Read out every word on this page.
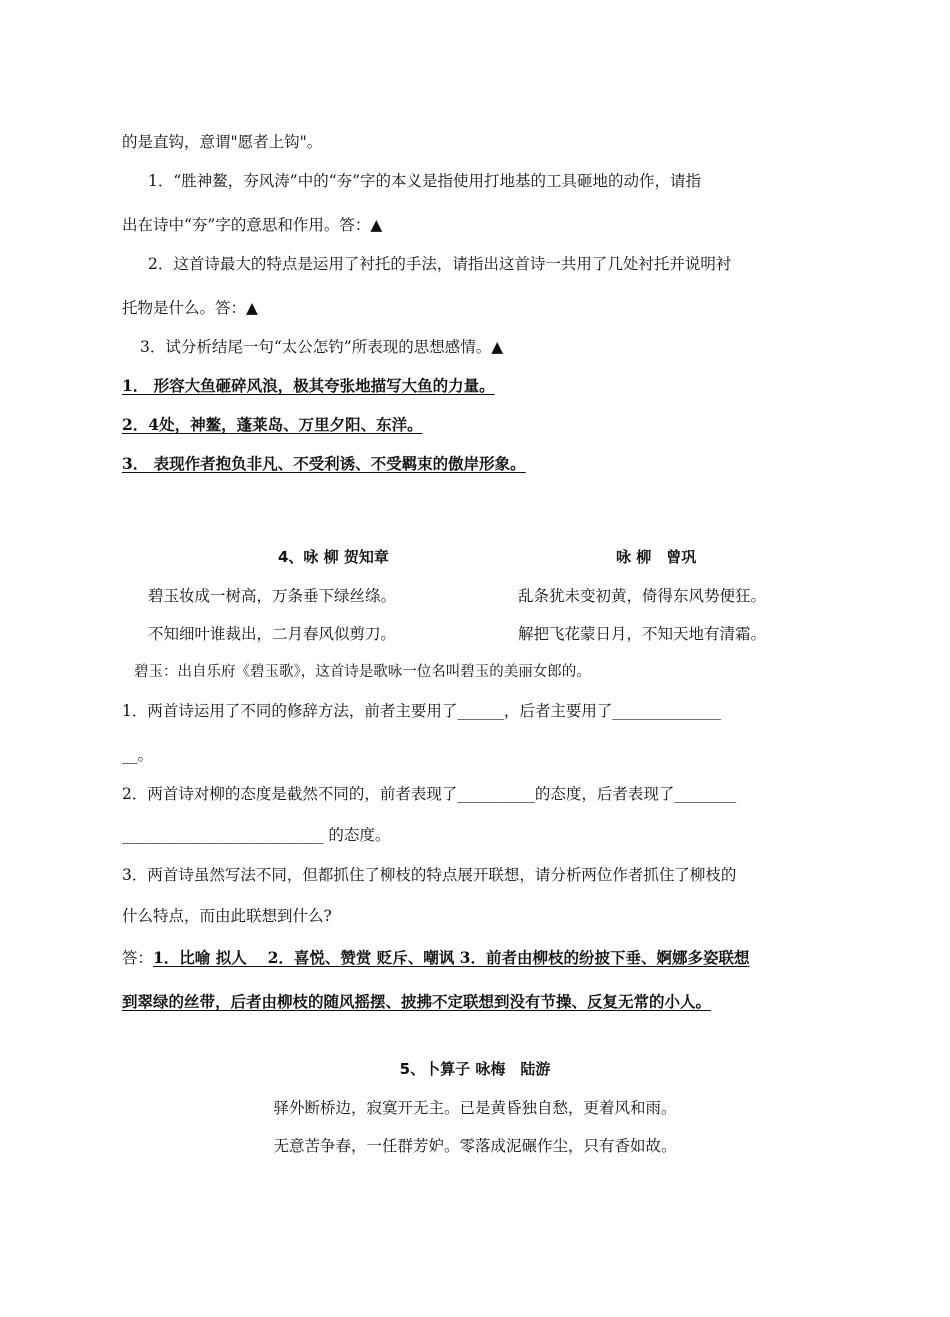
的是直钩，意谓"愿者上钩"。
1．“胜神鳌，夯风涛”中的“夯”字的本义是指使用打地基的工具砸地的动作，请指
出在诗中“夯”字的意思和作用。答：▲
2．这首诗最大的特点是运用了衬托的手法，请指出这首诗一共用了几处衬托并说明衬
托物是什么。答：▲
3．试分析结尾一句“太公怎钓”所表现的思想感情。▲
1． 形容大鱼砸碎风浪，极其夸张地描写大鱼的力量。
2．4处，神鳌，蓬莱岛、万里夕阳、东洋。
3． 表现作者抱负非凡、不受利诱、不受羁束的傲岸形象。
4、咏 柳 贺知章	咏 柳　曾巩
碧玉妆成一树高，万条垂下绿丝绦。	乱条犹未变初黄，倚得东风势便狂。
不知细叶谁裁出，二月春风似剪刀。	解把飞花蒙日月，不知天地有清霜。
碧玉：出自乐府《碧玉歌》，这首诗是歌咏一位名叫碧玉的美丽女郎的。
1．两首诗运用了不同的修辞方法，前者主要用了______，后者主要用了______________
__。
2．两首诗对柳的态度是截然不同的，前者表现了__________的态度，后者表现了________
__________________________ 的态度。
3．两首诗虽然写法不同，但都抓住了柳枝的特点展开联想，请分析两位作者抓住了柳枝的
什么特点，而由此联想到什么?
答：1．比喻 拟人　 2．喜悦、赞赏 贬斥、嘲讽 3．前者由柳枝的纷披下垂、婀娜多姿联想
到翠绿的丝带，后者由柳枝的随风摇摆、披拂不定联想到没有节操、反复无常的小人。
5、卜算子 咏梅　陆游
驿外断桥边，寂寞开无主。已是黄昏独自愁，更着风和雨。
无意苦争春，一任群芳妒。零落成泥碾作尘，只有香如故。
